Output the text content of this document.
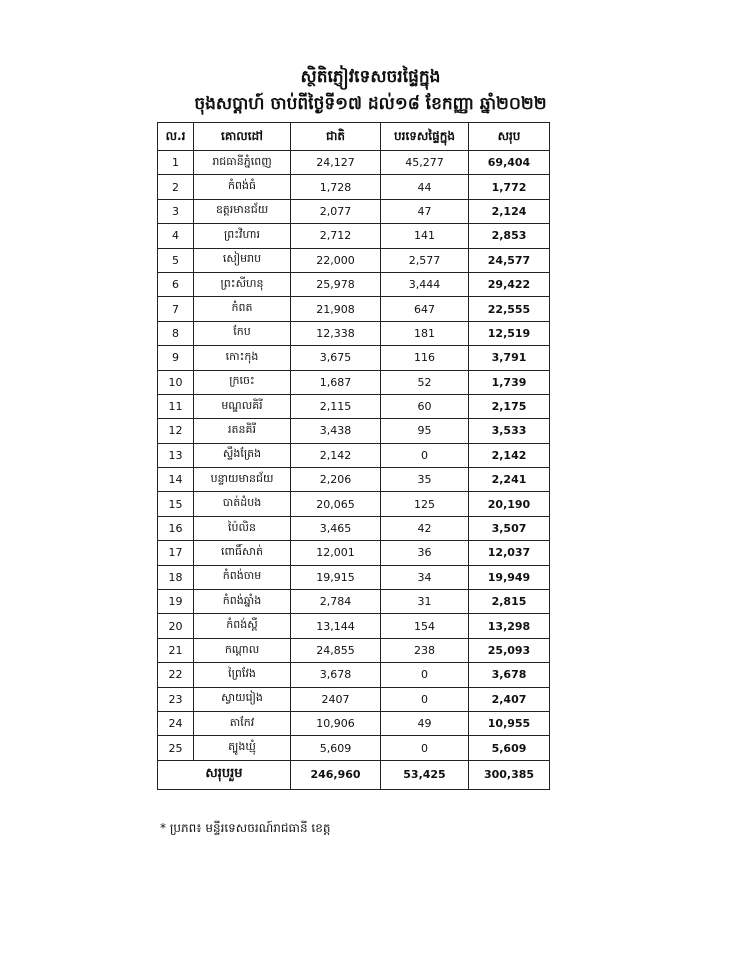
ស្ថិតិភ្ញៀវទេសចរផ្ទៃក្នុង
ចុងសប្តាហ៍ ចាប់ពីថ្ងៃទី១៧ ដល់១៨ ខែកញ្ញា ឆ្នាំ២០២២
ល.រ	គោលដៅ	ជាតិ	បរទេសផ្ទៃក្នុង	សរុប
1	រាជធានីភ្នំពេញ	24,127	45,277	69,404
2	កំពង់ធំ	1,728	44	1,772
3	ឧត្តរមានជ័យ	2,077	47	2,124
4	ព្រះវិហារ	2,712	141	2,853
5	សៀមរាប	22,000	2,577	24,577
6	ព្រះសីហនុ	25,978	3,444	29,422
7	កំពត	21,908	647	22,555
8	កែប	12,338	181	12,519
9	កោះកុង	3,675	116	3,791
10	ក្រចេះ	1,687	52	1,739
11	មណ្ឌលគិរី	2,115	60	2,175
12	រតនគិរី	3,438	95	3,533
13	ស្ទឹងត្រែង	2,142	0	2,142
14	បន្ទាយមានជ័យ	2,206	35	2,241
15	បាត់ដំបង	20,065	125	20,190
16	ប៉ៃលិន	3,465	42	3,507
17	ពោធិ៍សាត់	12,001	36	12,037
18	កំពង់ចាម	19,915	34	19,949
19	កំពង់ឆ្នាំង	2,784	31	2,815
20	កំពង់ស្ពឺ	13,144	154	13,298
21	កណ្តាល	24,855	238	25,093
22	ព្រៃវែង	3,678	0	3,678
23	ស្វាយរៀង	2407	0	2,407
24	តាកែវ	10,906	49	10,955
25	ត្បូងឃ្មុំ	5,609	0	5,609
សរុបរួម		246,960	53,425	300,385
* ប្រភព៖ មន្ទីរទេសចរណ៍រាជធានី ខេត្ត
